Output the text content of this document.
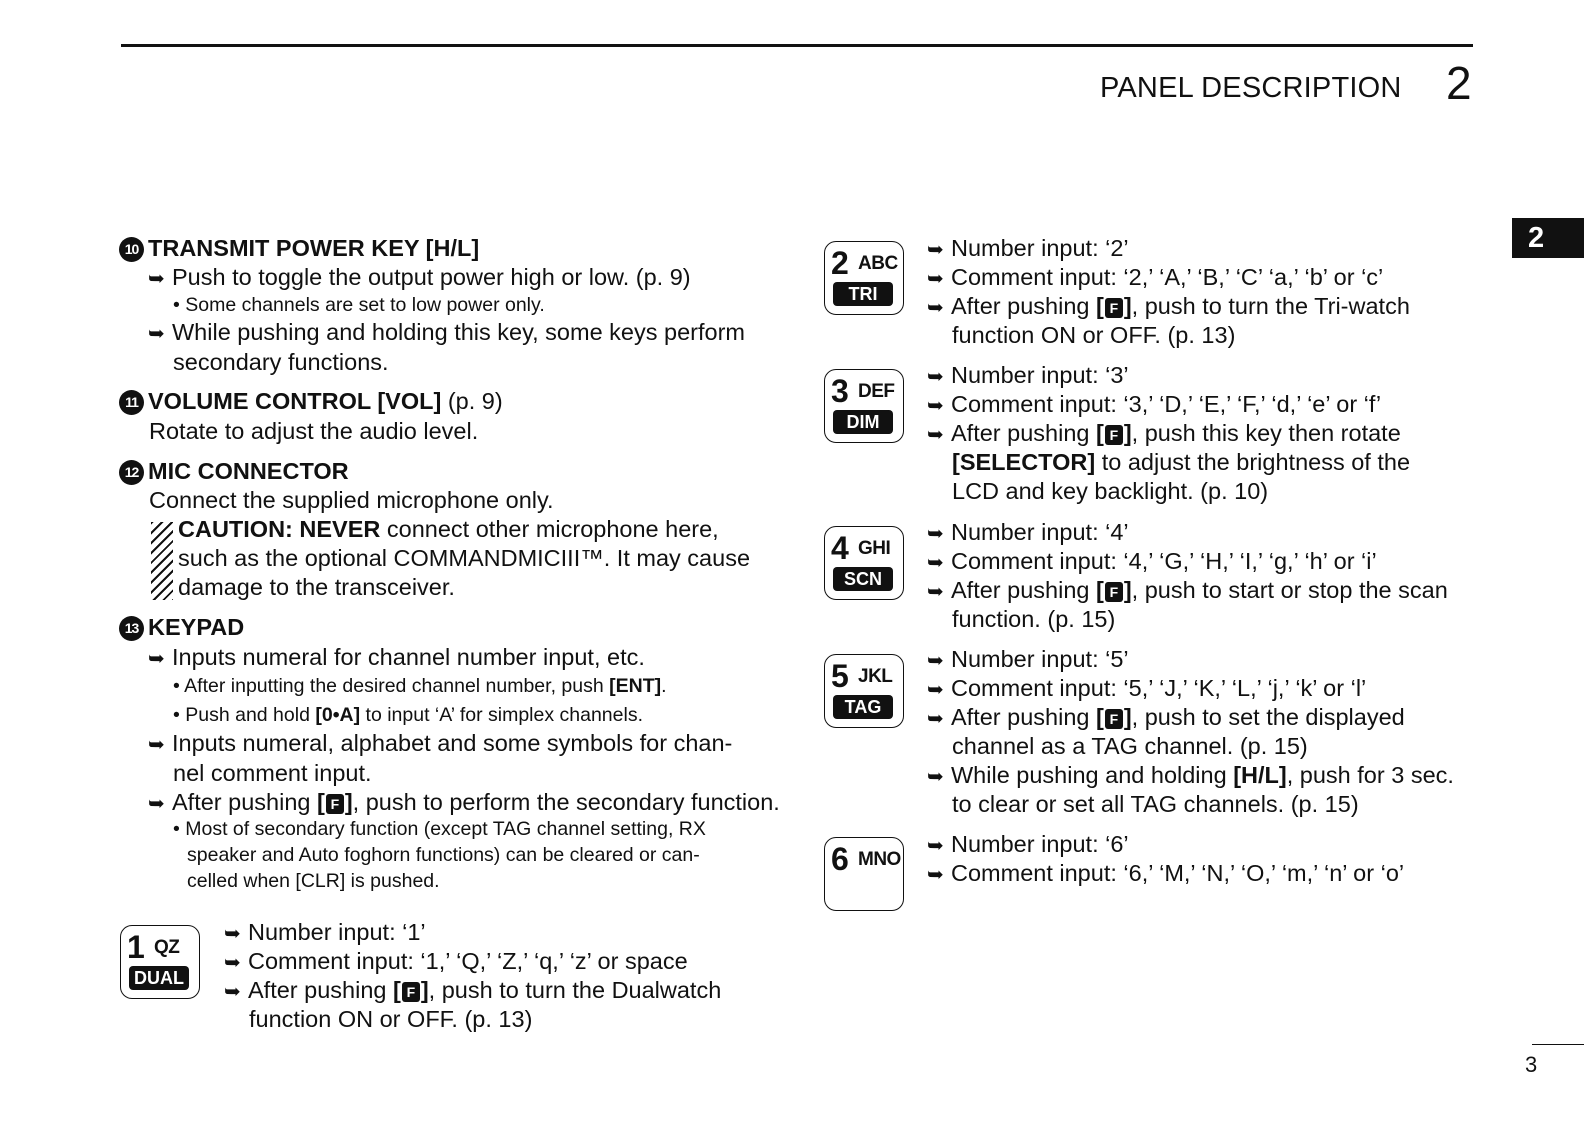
PANEL DESCRIPTION 2
2
10 TRANSMIT POWER KEY [H/L]
➥ Push to toggle the output power high or low. (p. 9)
• Some channels are set to low power only.
➥ While pushing and holding this key, some keys perform
secondary functions.
11 VOLUME CONTROL [VOL] (p. 9)
Rotate to adjust the audio level.
12 MIC CONNECTOR
Connect the supplied microphone only.
CAUTION: NEVER connect other microphone here,
such as the optional COMMANDMICIII™. It may cause
damage to the transceiver.
13 KEYPAD
➥ Inputs numeral for channel number input, etc.
• After inputting the desired channel number, push [ENT].
• Push and hold [0•A] to input ‘A’ for simplex channels.
➥ Inputs numeral, alphabet and some symbols for chan-
nel comment input.
➥ After pushing [ F ], push to perform the secondary function.
• Most of secondary function (except TAG channel setting, RX
speaker and Auto foghorn functions) can be cleared or can-
celled when [CLR] is pushed.
1 QZ
DUAL
➥ Number input: ‘1’
➥ Comment input: ‘1,’ ‘Q,’ ‘Z,’ ‘q,’ ‘z’ or space
➥ After pushing [ F ], push to turn the Dualwatch
function ON or OFF. (p. 13)
2 ABC
TRI
➥ Number input: ‘2’
➥ Comment input: ‘2,’ ‘A,’ ‘B,’ ‘C’ ‘a,’ ‘b’ or ‘c’
➥ After pushing [ F ], push to turn the Tri-watch
function ON or OFF. (p. 13)
3 DEF
DIM
➥ Number input: ‘3’
➥ Comment input: ‘3,’ ‘D,’ ‘E,’ ‘F,’ ‘d,’ ‘e’ or ‘f’
➥ After pushing [ F ], push this key then rotate
[SELECTOR] to adjust the brightness of the
LCD and key backlight. (p. 10)
4 GHI
SCN
➥ Number input: ‘4’
➥ Comment input: ‘4,’ ‘G,’ ‘H,’ ‘I,’ ‘g,’ ‘h’ or ‘i’
➥ After pushing [ F ], push to start or stop the scan
function. (p. 15)
5 JKL
TAG
➥ Number input: ‘5’
➥ Comment input: ‘5,’ ‘J,’ ‘K,’ ‘L,’ ‘j,’ ‘k’ or ‘l’
➥ After pushing [ F ], push to set the displayed
channel as a TAG channel. (p. 15)
➥ While pushing and holding [H/L], push for 3 sec.
to clear or set all TAG channels. (p. 15)
6 MNO
➥ Number input: ‘6’
➥ Comment input: ‘6,’ ‘M,’ ‘N,’ ‘O,’ ‘m,’ ‘n’ or ‘o’
3
